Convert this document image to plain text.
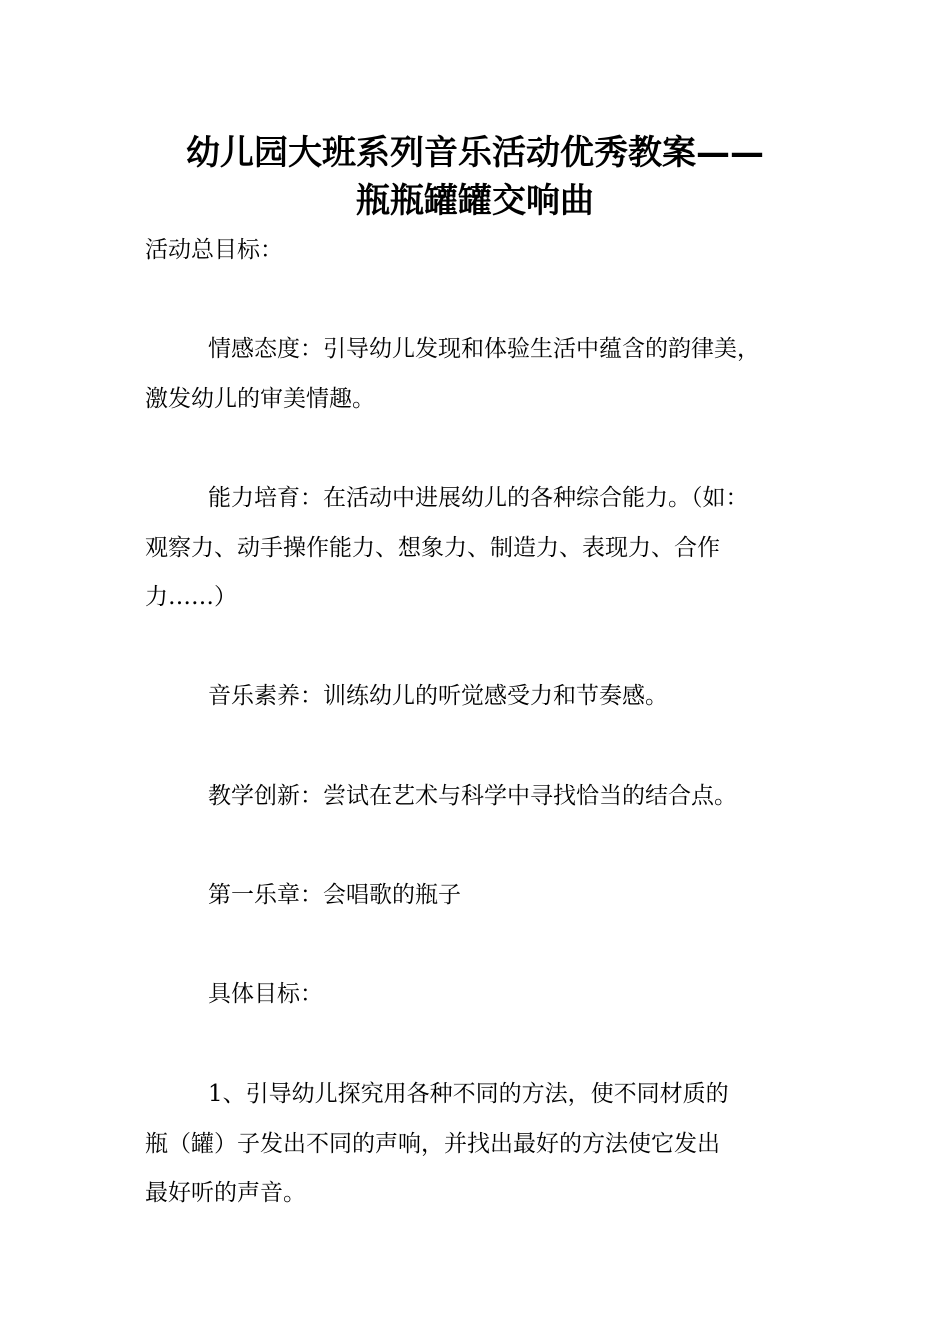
幼儿园大班系列音乐活动优秀教案——
瓶瓶罐罐交响曲

活动总目标：

情感态度：引导幼儿发现和体验生活中蕴含的韵律美，

激发幼儿的审美情趣。

能力培育：在活动中进展幼儿的各种综合能力。（如：

观察力、动手操作能力、想象力、制造力、表现力、合作

力……）

音乐素养：训练幼儿的听觉感受力和节奏感。

教学创新：尝试在艺术与科学中寻找恰当的结合点。

第一乐章：会唱歌的瓶子

具体目标：

1、引导幼儿探究用各种不同的方法，使不同材质的

瓶（罐）子发出不同的声响，并找出最好的方法使它发出

最好听的声音。
